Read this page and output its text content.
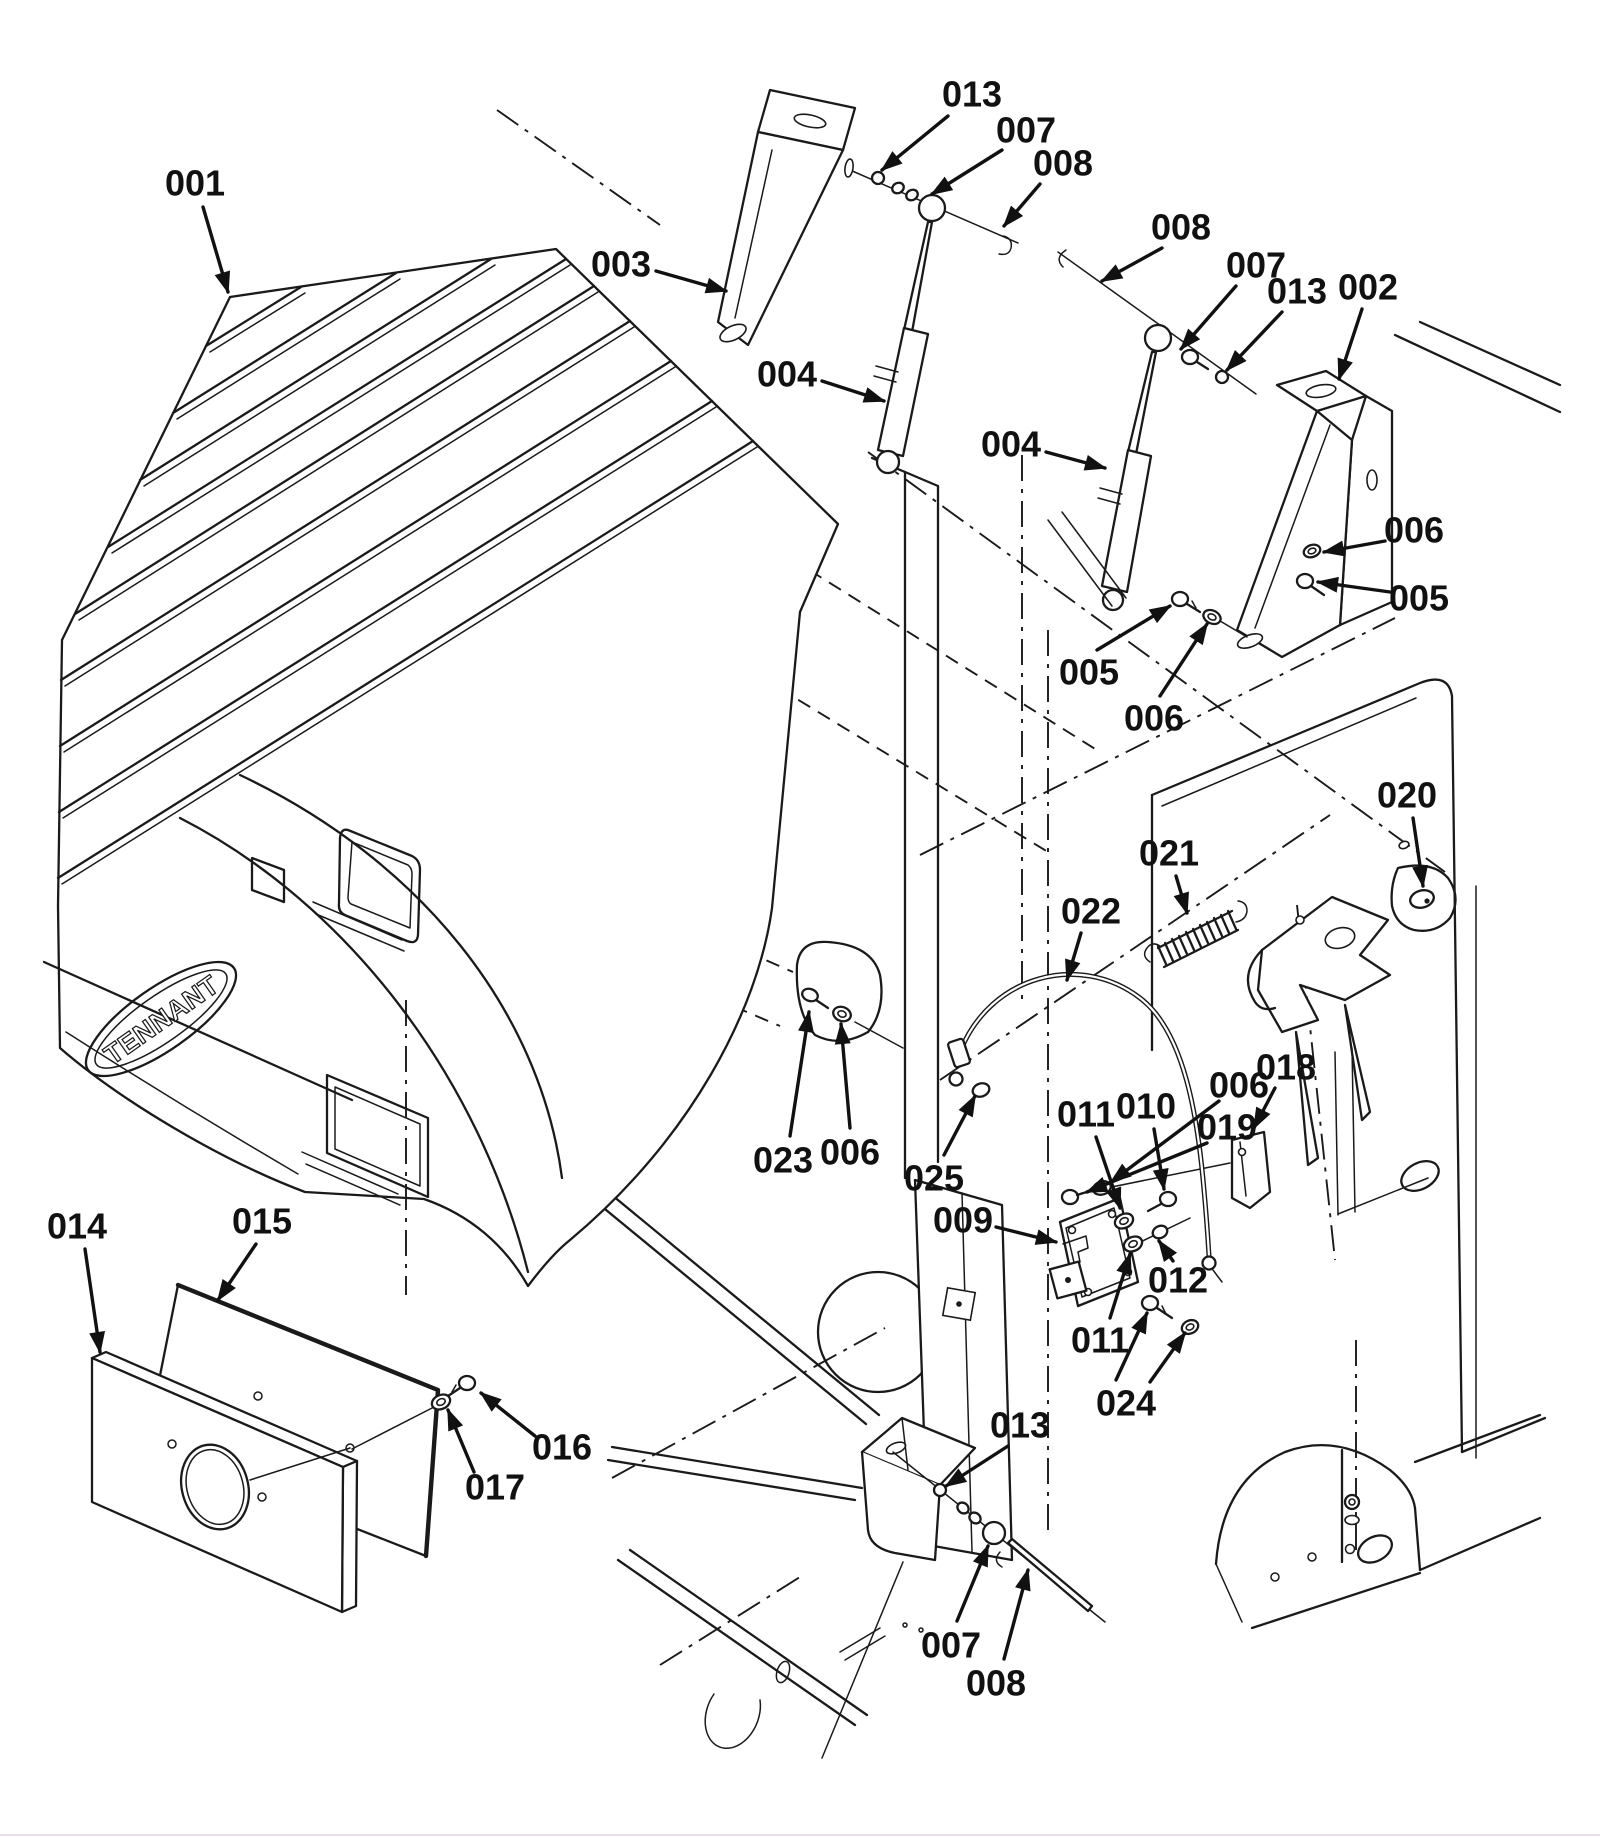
TENNANT
001
013
007
008
003
004
008
007
013 002
004
006
005
005
006
020
021
022
006
018
019
023 006
025
009
011 010
012
011
024
014	015
016
017
013
007
008
